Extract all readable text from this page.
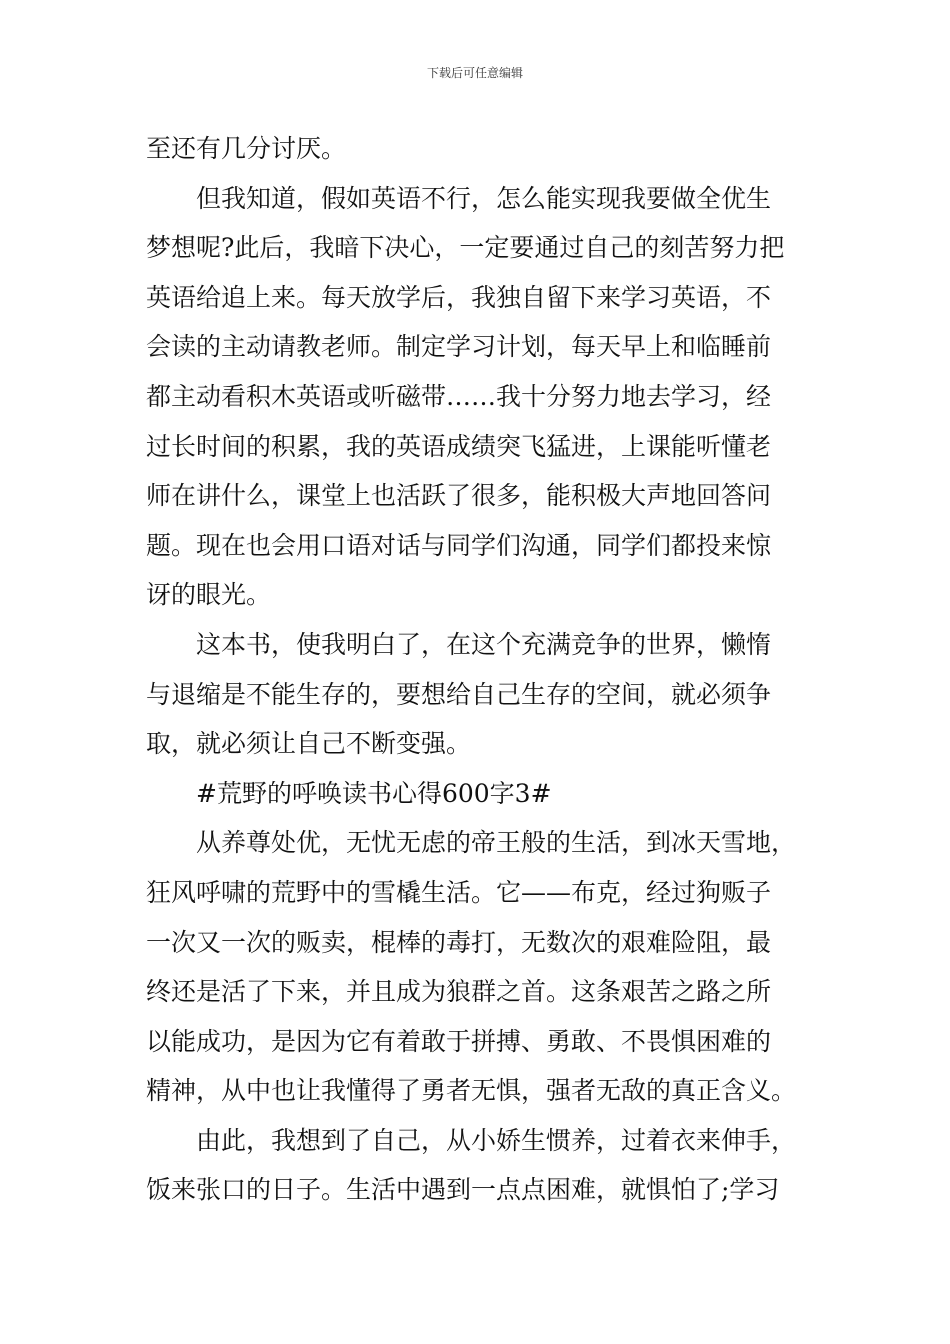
下载后可任意编辑
至还有几分讨厌。
但我知道，假如英语不行，怎么能实现我要做全优生
梦想呢?此后，我暗下决心，一定要通过自己的刻苦努力把
英语给追上来。每天放学后，我独自留下来学习英语，不
会读的主动请教老师。制定学习计划，每天早上和临睡前
都主动看积木英语或听磁带……我十分努力地去学习，经
过长时间的积累，我的英语成绩突飞猛进，上课能听懂老
师在讲什么，课堂上也活跃了很多，能积极大声地回答问
题。现在也会用口语对话与同学们沟通，同学们都投来惊
讶的眼光。
这本书，使我明白了，在这个充满竞争的世界，懒惰
与退缩是不能生存的，要想给自己生存的空间，就必须争
取，就必须让自己不断变强。
#荒野的呼唤读书心得600字3#
从养尊处优，无忧无虑的帝王般的生活，到冰天雪地，
狂风呼啸的荒野中的雪橇生活。它——布克，经过狗贩子
一次又一次的贩卖，棍棒的毒打，无数次的艰难险阻，最
终还是活了下来，并且成为狼群之首。这条艰苦之路之所
以能成功，是因为它有着敢于拼搏、勇敢、不畏惧困难的
精神，从中也让我懂得了勇者无惧，强者无敌的真正含义。
由此，我想到了自己，从小娇生惯养，过着衣来伸手，
饭来张口的日子。生活中遇到一点点困难，就惧怕了;学习
